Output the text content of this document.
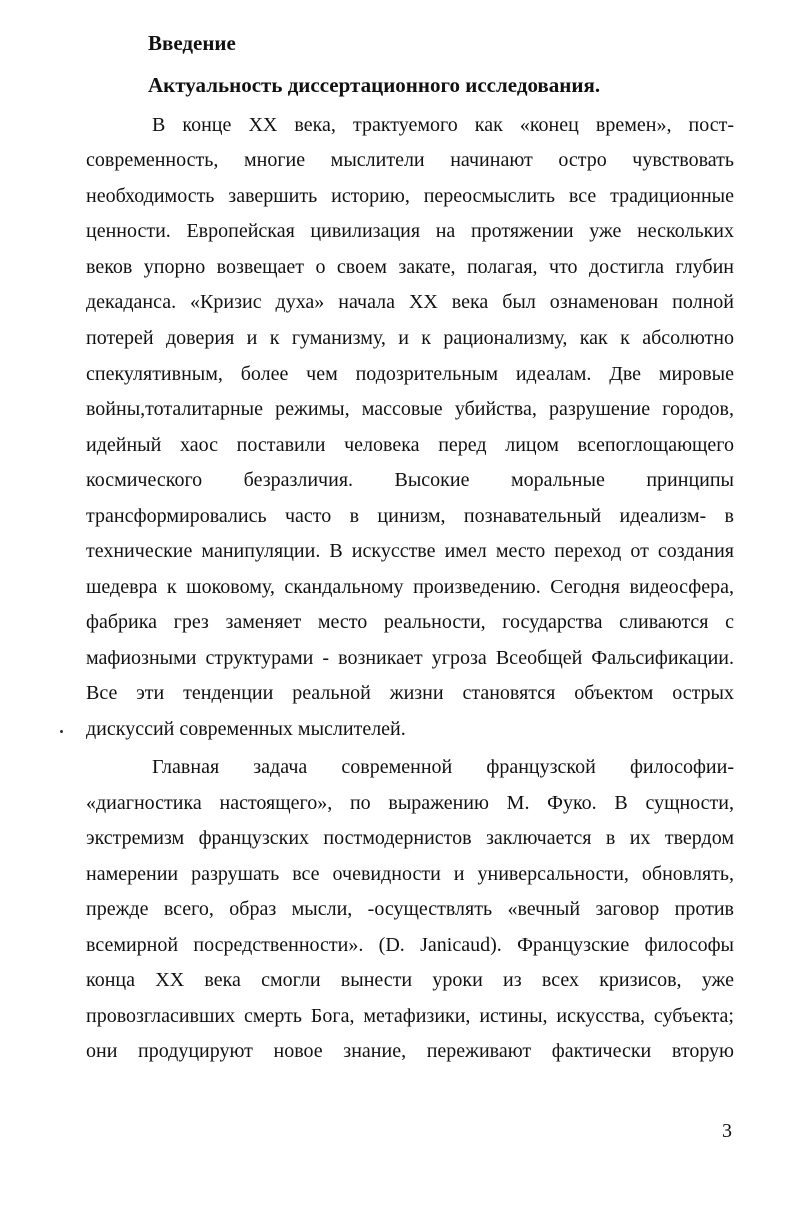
Введение
Актуальность диссертационного исследования.
В конце XX века, трактуемого как «конец времен», пост-
современность, многие мыслители начинают остро чувствовать
необходимость завершить историю, переосмыслить все традиционные
ценности. Европейская цивилизация на протяжении уже нескольких
веков упорно возвещает о своем закате, полагая, что достигла глубин
декаданса. «Кризис духа» начала XX века был ознаменован полной
потерей доверия и к гуманизму, и к рационализму, как к абсолютно
спекулятивным, более чем подозрительным идеалам. Две мировые
войны,тоталитарные режимы, массовые убийства, разрушение городов,
идейный хаос поставили человека перед лицом всепоглощающего
космического безразличия. Высокие моральные принципы
трансформировались часто в цинизм, познавательный идеализм- в
технические манипуляции. В искусстве имел место переход от создания
шедевра к шоковому, скандальному произведению. Сегодня видеосфера,
фабрика грез заменяет место реальности, государства сливаются с
мафиозными структурами - возникает угроза Всеобщей Фальсификации.
Все эти тенденции реальной жизни становятся объектом острых
дискуссий современных мыслителей.
Главная задача современной французской философии-
«диагностика настоящего», по выражению М. Фуко. В сущности,
экстремизм французских постмодернистов заключается в их твердом
намерении разрушать все очевидности и универсальности, обновлять,
прежде всего, образ мысли, -осуществлять «вечный заговор против
всемирной посредственности». (D. Janicaud). Французские философы
конца XX века смогли вынести уроки из всех кризисов, уже
провозгласивших смерть Бога, метафизики, истины, искусства, субъекта;
они продуцируют новое знание, переживают фактически вторую
3
